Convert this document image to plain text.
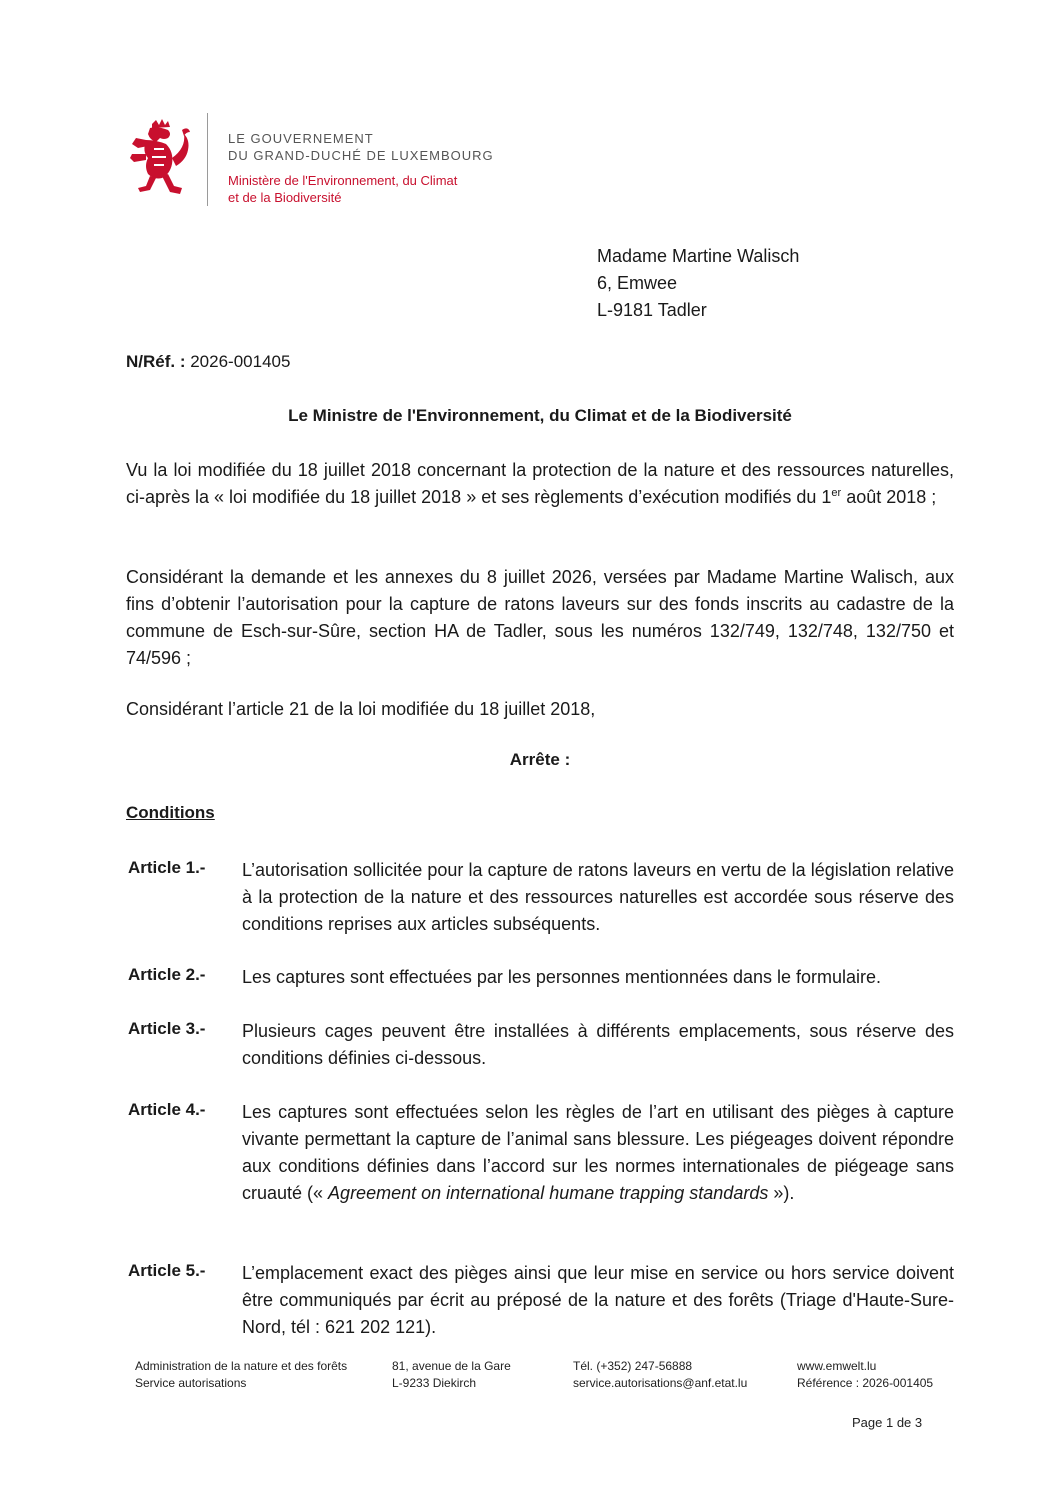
LE GOUVERNEMENT
DU GRAND-DUCHÉ DE LUXEMBOURG
Ministère de l'Environnement, du Climat
et de la Biodiversité
Madame Martine Walisch
6, Emwee
L-9181 Tadler
N/Réf. : 2026-001405
Le Ministre de l'Environnement, du Climat et de la Biodiversité
Vu la loi modifiée du 18 juillet 2018 concernant la protection de la nature et des ressources naturelles, ci-après la « loi modifiée du 18 juillet 2018 » et ses règlements d’exécution modifiés du 1er août 2018 ;
Considérant la demande et les annexes du 8 juillet 2026, versées par Madame Martine Walisch, aux fins d’obtenir l’autorisation pour la capture de ratons laveurs sur des fonds inscrits au cadastre de la commune de Esch-sur-Sûre, section HA de Tadler, sous les numéros 132/749, 132/748, 132/750 et 74/596 ;
Considérant l’article 21 de la loi modifiée du 18 juillet 2018,
Arrête :
Conditions
Article 1.-	L’autorisation sollicitée pour la capture de ratons laveurs en vertu de la législation relative à la protection de la nature et des ressources naturelles est accordée sous réserve des conditions reprises aux articles subséquents.
Article 2.-	Les captures sont effectuées par les personnes mentionnées dans le formulaire.
Article 3.-	Plusieurs cages peuvent être installées à différents emplacements, sous réserve des conditions définies ci-dessous.
Article 4.-	Les captures sont effectuées selon les règles de l’art en utilisant des pièges à capture vivante permettant la capture de l’animal sans blessure. Les piégeages doivent répondre aux conditions définies dans l’accord sur les normes internationales de piégeage sans cruauté (« Agreement on international humane trapping standards »).
Article 5.-	L’emplacement exact des pièges ainsi que leur mise en service ou hors service doivent être communiqués par écrit au préposé de la nature et des forêts (Triage d'Haute-Sure-Nord, tél : 621 202 121).
Administration de la nature et des forêts
Service autorisations
81, avenue de la Gare
L-9233 Diekirch
Tél. (+352) 247-56888
service.autorisations@anf.etat.lu
www.emwelt.lu
Référence : 2026-001405
Page 1 de 3
